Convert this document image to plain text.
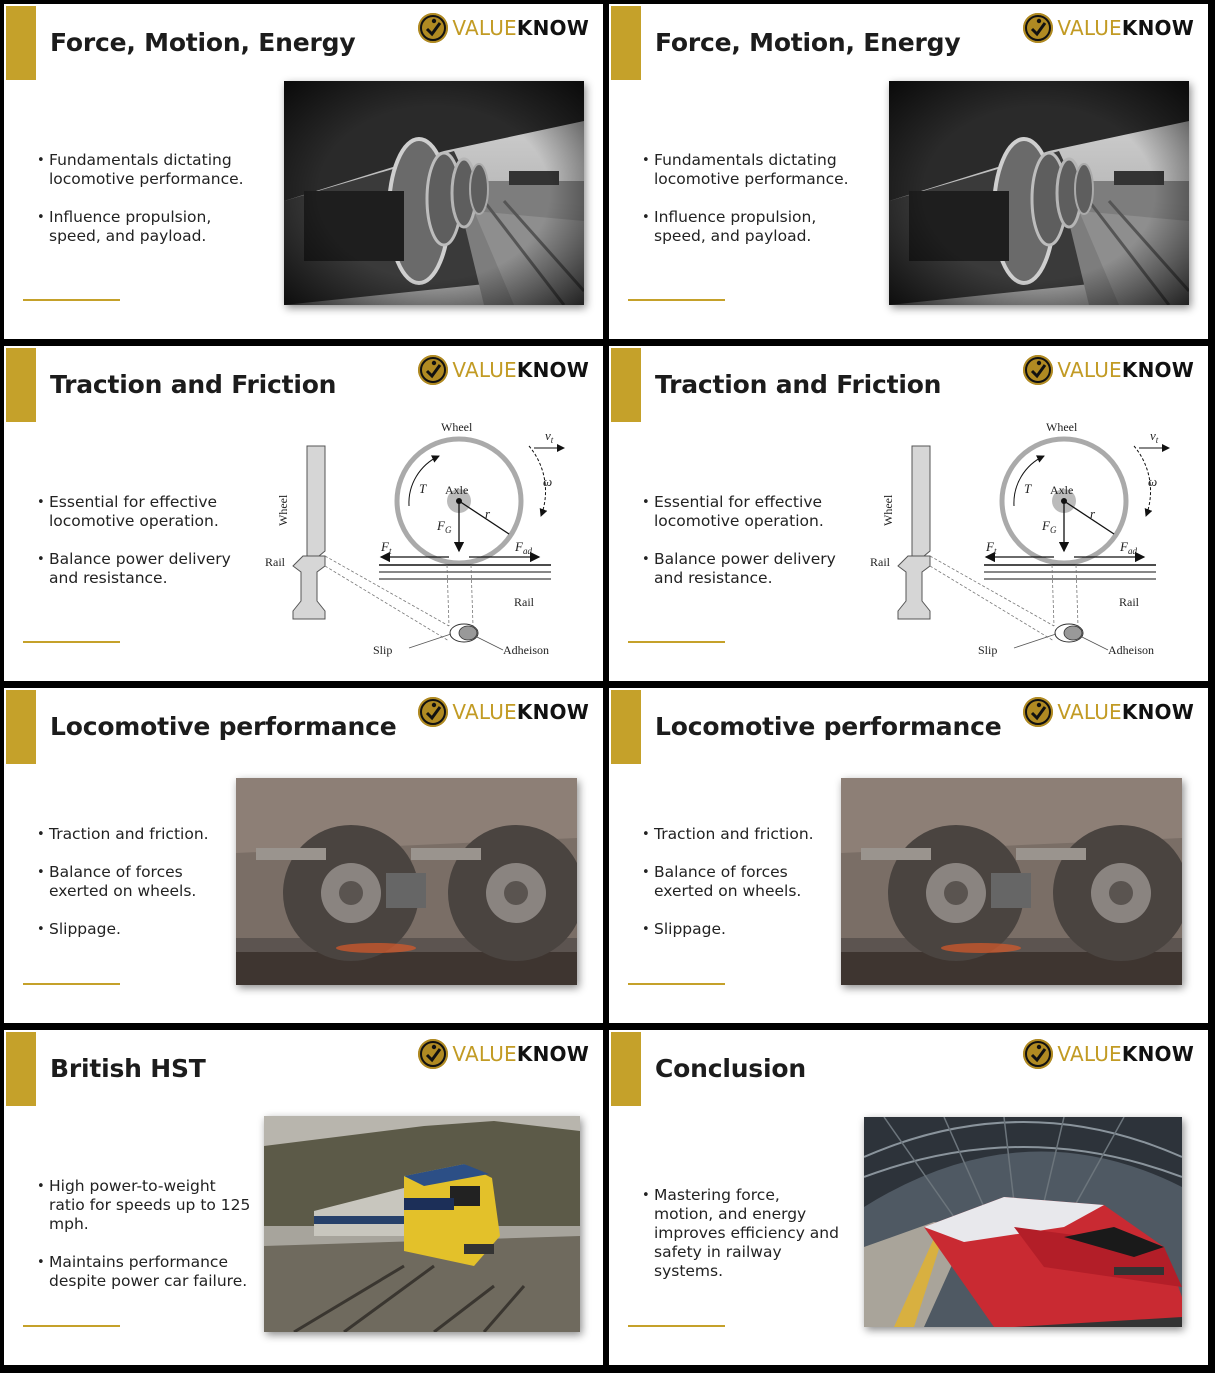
Force, Motion, Energy	VALUEKNOW
• Fundamentals dictating locomotive performance.
• Influence propulsion, speed, and payload.
Force, Motion, Energy	VALUEKNOW
• Fundamentals dictating locomotive performance.
• Influence propulsion, speed, and payload.
Traction and Friction	VALUEKNOW
• Essential for effective locomotive operation.
• Balance power delivery and resistance.
Wheel
Rail
Wheel
Axle
T
$F_G$
r
ω
$v_t$
$F_t$	$F_{ad}$
Rail
Slip	Adheison
Traction and Friction	VALUEKNOW
• Essential for effective locomotive operation.
• Balance power delivery and resistance.
Wheel
Rail
Wheel
Axle
T
$F_G$
r
ω
$v_t$
$F_t$	$F_{ad}$
Rail
Slip	Adheison
Locomotive performance	VALUEKNOW
• Traction and friction.
• Balance of forces exerted on wheels.
• Slippage.
Locomotive performance	VALUEKNOW
• Traction and friction.
• Balance of forces exerted on wheels.
• Slippage.
British HST	VALUEKNOW
• High power-to-weight ratio for speeds up to 125 mph.
• Maintains performance despite power car failure.
Conclusion	VALUEKNOW
• Mastering force, motion, and energy improves efficiency and safety in railway systems.
